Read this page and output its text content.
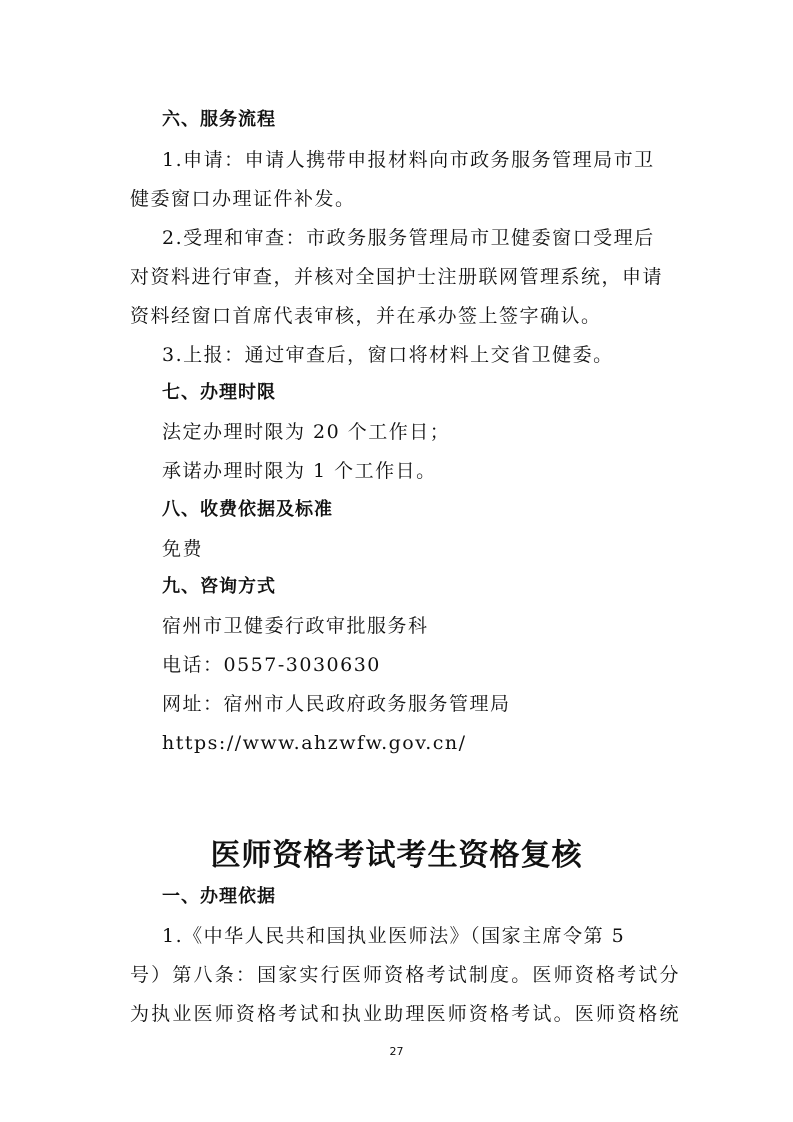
六、服务流程
1.申请：申请人携带申报材料向市政务服务管理局市卫
健委窗口办理证件补发。
2.受理和审查：市政务服务管理局市卫健委窗口受理后
对资料进行审查，并核对全国护士注册联网管理系统，申请
资料经窗口首席代表审核，并在承办签上签字确认。
3.上报：通过审查后，窗口将材料上交省卫健委。
七、办理时限
法定办理时限为 20 个工作日；
承诺办理时限为 1 个工作日。
八、收费依据及标准
免费
九、咨询方式
宿州市卫健委行政审批服务科
电话：0557-3030630
网址：宿州市人民政府政务服务管理局
https://www.ahzwfw.gov.cn/
医师资格考试考生资格复核
一、办理依据
1.《中华人民共和国执业医师法》（国家主席令第 5
号）第八条：国家实行医师资格考试制度。医师资格考试分
为执业医师资格考试和执业助理医师资格考试。医师资格统
27
